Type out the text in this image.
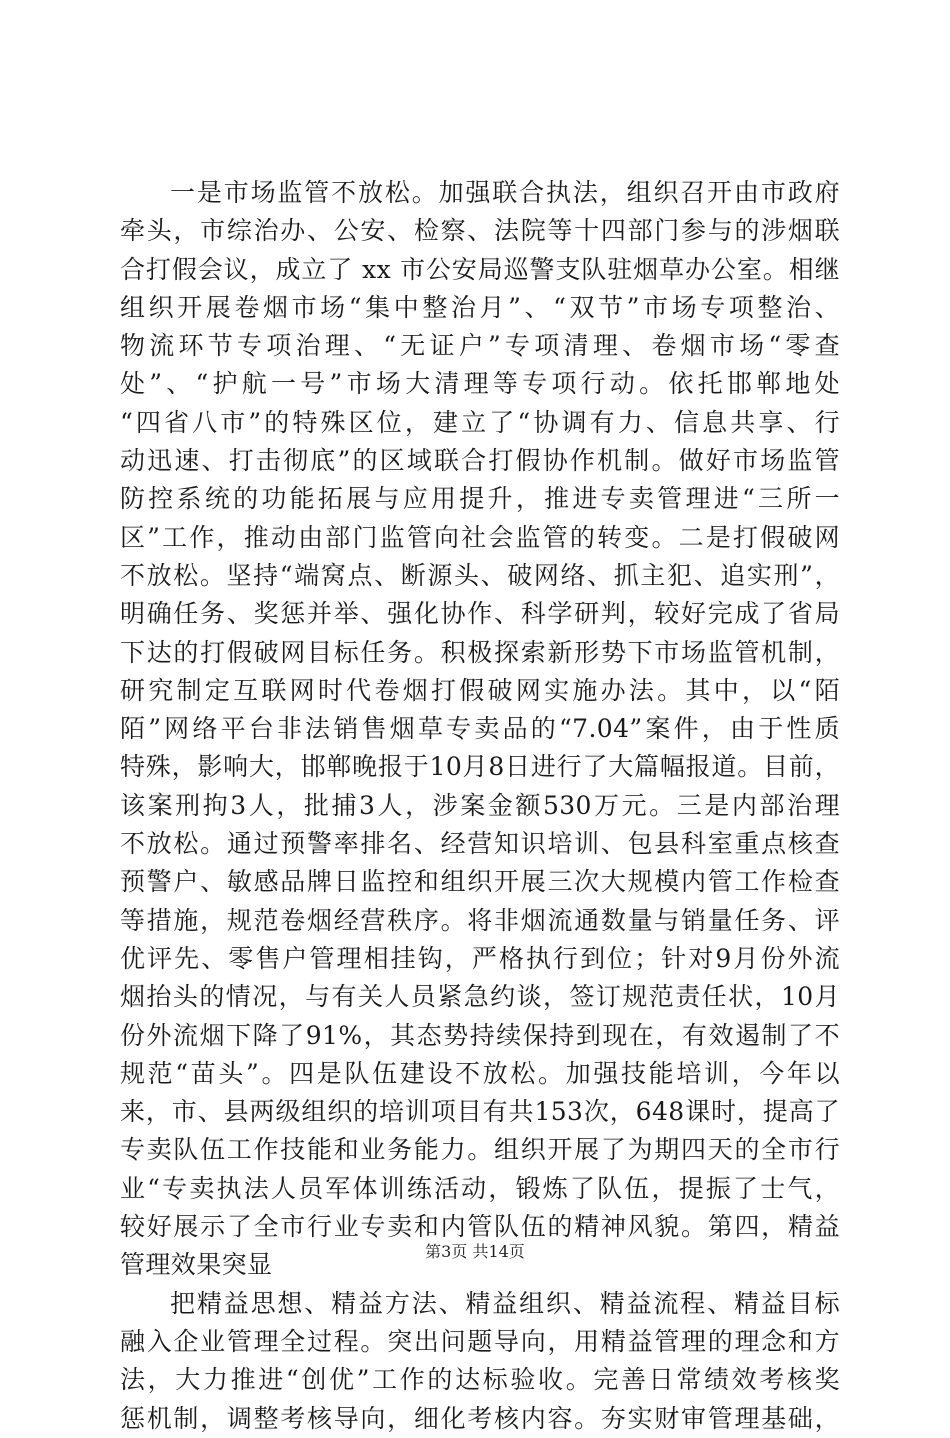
一是市场监管不放松。加强联合执法，组织召开由市政府
牵头，市综治办、公安、检察、法院等十四部门参与的涉烟联
合打假会议，成立了 xx 市公安局巡警支队驻烟草办公室。相继
组织开展卷烟市场“集中整治月”、“双节”市场专项整治、
物流环节专项治理、“无证户”专项清理、卷烟市场“零查
处”、“护航一号”市场大清理等专项行动。依托邯郸地处
“四省八市”的特殊区位，建立了“协调有力、信息共享、行
动迅速、打击彻底”的区域联合打假协作机制。做好市场监管
防控系统的功能拓展与应用提升，推进专卖管理进“三所一
区”工作，推动由部门监管向社会监管的转变。二是打假破网
不放松。坚持“端窝点、断源头、破网络、抓主犯、追实刑”，
明确任务、奖惩并举、强化协作、科学研判，较好完成了省局
下达的打假破网目标任务。积极探索新形势下市场监管机制，
研究制定互联网时代卷烟打假破网实施办法。其中，以“陌
陌”网络平台非法销售烟草专卖品的“7.04”案件，由于性质
特殊，影响大，邯郸晚报于10月8日进行了大篇幅报道。目前，
该案刑拘3人，批捕3人，涉案金额530万元。三是内部治理
不放松。通过预警率排名、经营知识培训、包县科室重点核查
预警户、敏感品牌日监控和组织开展三次大规模内管工作检查
等措施，规范卷烟经营秩序。将非烟流通数量与销量任务、评
优评先、零售户管理相挂钩，严格执行到位；针对9月份外流
烟抬头的情况，与有关人员紧急约谈，签订规范责任状，10月
份外流烟下降了91%，其态势持续保持到现在，有效遏制了不
规范“苗头”。四是队伍建设不放松。加强技能培训，今年以
来，市、县两级组织的培训项目有共153次，648课时，提高了
专卖队伍工作技能和业务能力。组织开展了为期四天的全市行
业“专卖执法人员军体训练活动，锻炼了队伍，提振了士气，
较好展示了全市行业专卖和内管队伍的精神风貌。第四，精益
管理效果突显
把精益思想、精益方法、精益组织、精益流程、精益目标
融入企业管理全过程。突出问题导向，用精益管理的理念和方
法，大力推进“创优”工作的达标验收。完善日常绩效考核奖
惩机制，调整考核导向，细化考核内容。夯实财审管理基础，
第3页 共14页
